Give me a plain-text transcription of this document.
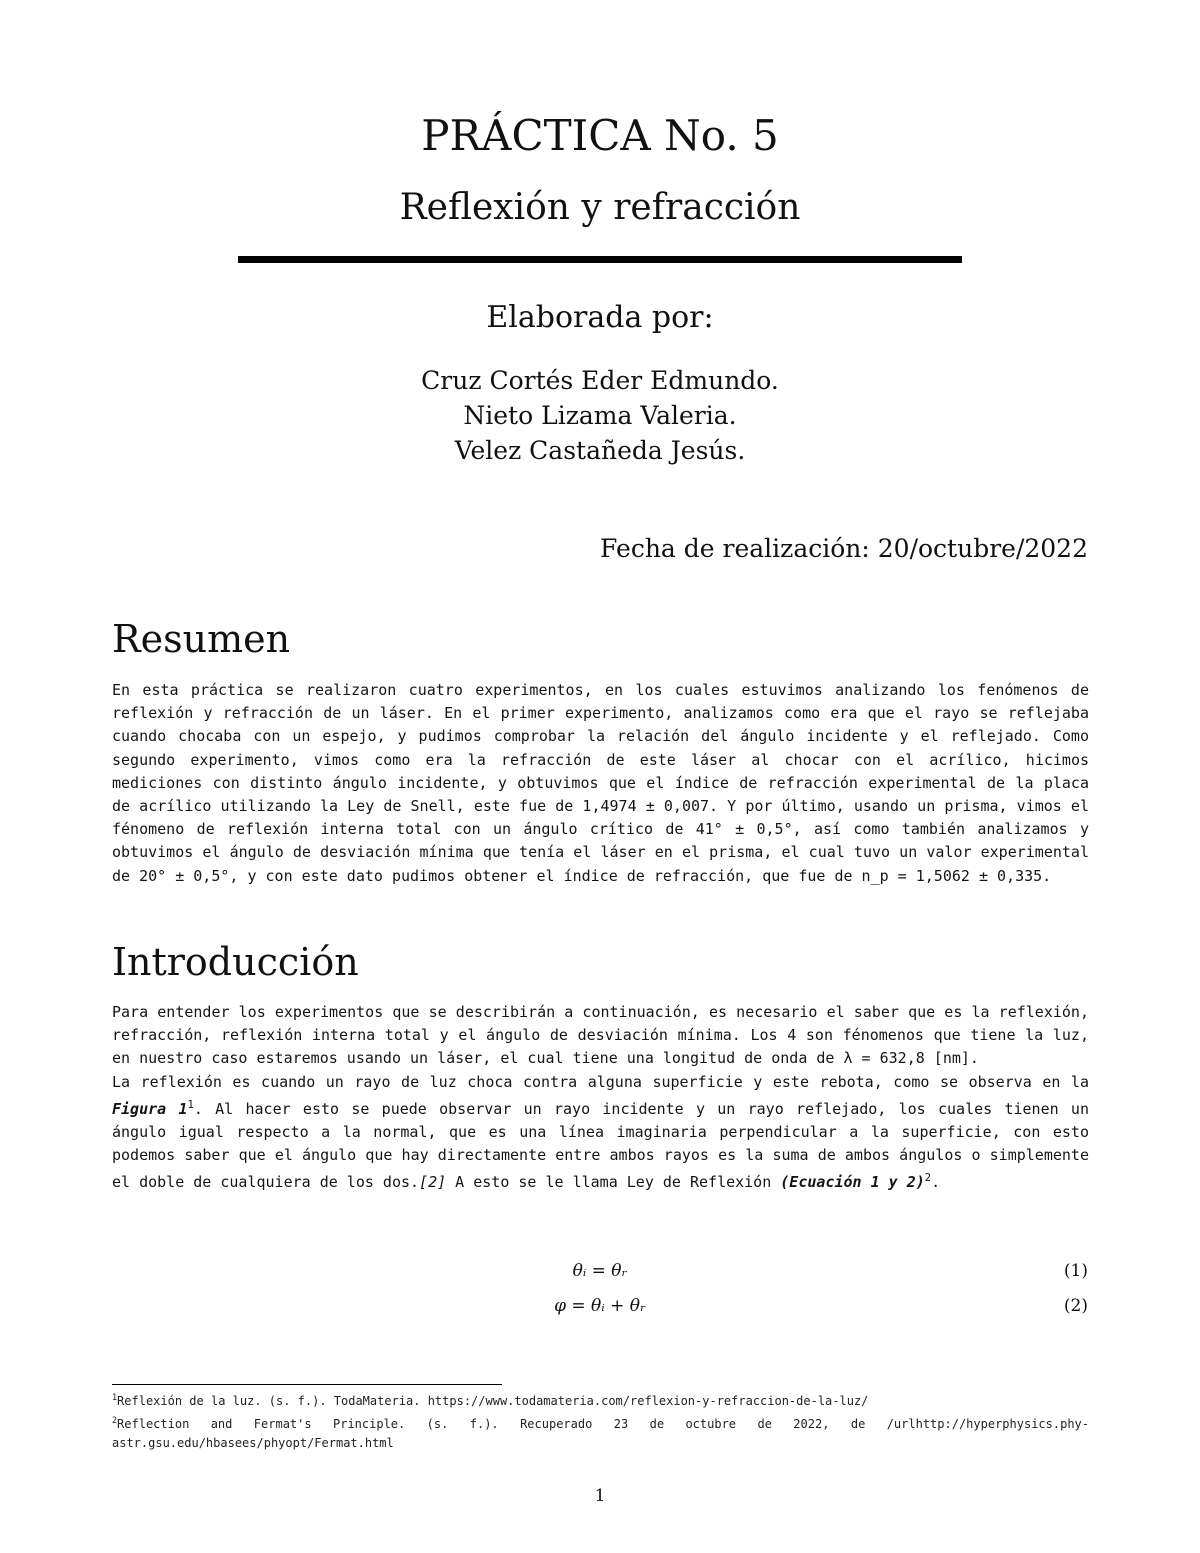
PRÁCTICA No. 5
Reflexión y refracción
Elaborada por:
Cruz Cortés Eder Edmundo.
Nieto Lizama Valeria.
Velez Castañeda Jesús.
Fecha de realización: 20/octubre/2022
Resumen

En esta práctica se realizaron cuatro experimentos, en los cuales estuvimos analizando los fenómenos de reflexión y refracción de un láser. En el primer experimento, analizamos como era que el rayo se reflejaba cuando chocaba con un espejo, y pudimos comprobar la relación del ángulo incidente y el reflejado. Como segundo experimento, vimos como era la refracción de este láser al chocar con el acrílico, hicimos mediciones con distinto ángulo incidente, y obtuvimos que el índice de refracción experimental de la placa de acrílico utilizando la Ley de Snell, este fue de 1,4974 ± 0,007. Y por último, usando un prisma, vimos el fénomeno de reflexión interna total con un ángulo crítico de 41° ± 0,5°, así como también analizamos y obtuvimos el ángulo de desviación mínima que tenía el láser en el prisma, el cual tuvo un valor experimental de 20° ± 0,5°, y con este dato pudimos obtener el índice de refracción, que fue de n_p = 1,5062 ± 0,335.

Introducción

Para entender los experimentos que se describirán a continuación, es necesario el saber que es la reflexión, refracción, reflexión interna total y el ángulo de desviación mínima. Los 4 son fénomenos que tiene la luz, en nuestro caso estaremos usando un láser, el cual tiene una longitud de onda de λ = 632,8 [nm].

La reflexión es cuando un rayo de luz choca contra alguna superficie y este rebota, como se observa en la Figura $1^1$. Al hacer esto se puede observar un rayo incidente y un rayo reflejado, los cuales tienen un ángulo igual respecto a la normal, que es una línea imaginaria perpendicular a la superficie, con esto podemos saber que el ángulo que hay directamente entre ambos rayos es la suma de ambos ángulos o simplemente el doble de cualquiera de los dos.[2] A esto se le llama Ley de Reflexión (Ecuación 1 y 2)$^2$.

θᵢ = θᵣ	(1)
φ = θᵢ + θᵣ	(2)

$^1$Reflexión de la luz. (s. f.). TodaMateria. https://www.todamateria.com/reflexion-y-refraccion-de-la-luz/

$^2$Reflection and Fermat's Principle. (s. f.). Recuperado 23 de octubre de 2022, de /urlhttp://hyperphysics.phy-astr.gsu.edu/hbasees/phyopt/Fermat.html

1
